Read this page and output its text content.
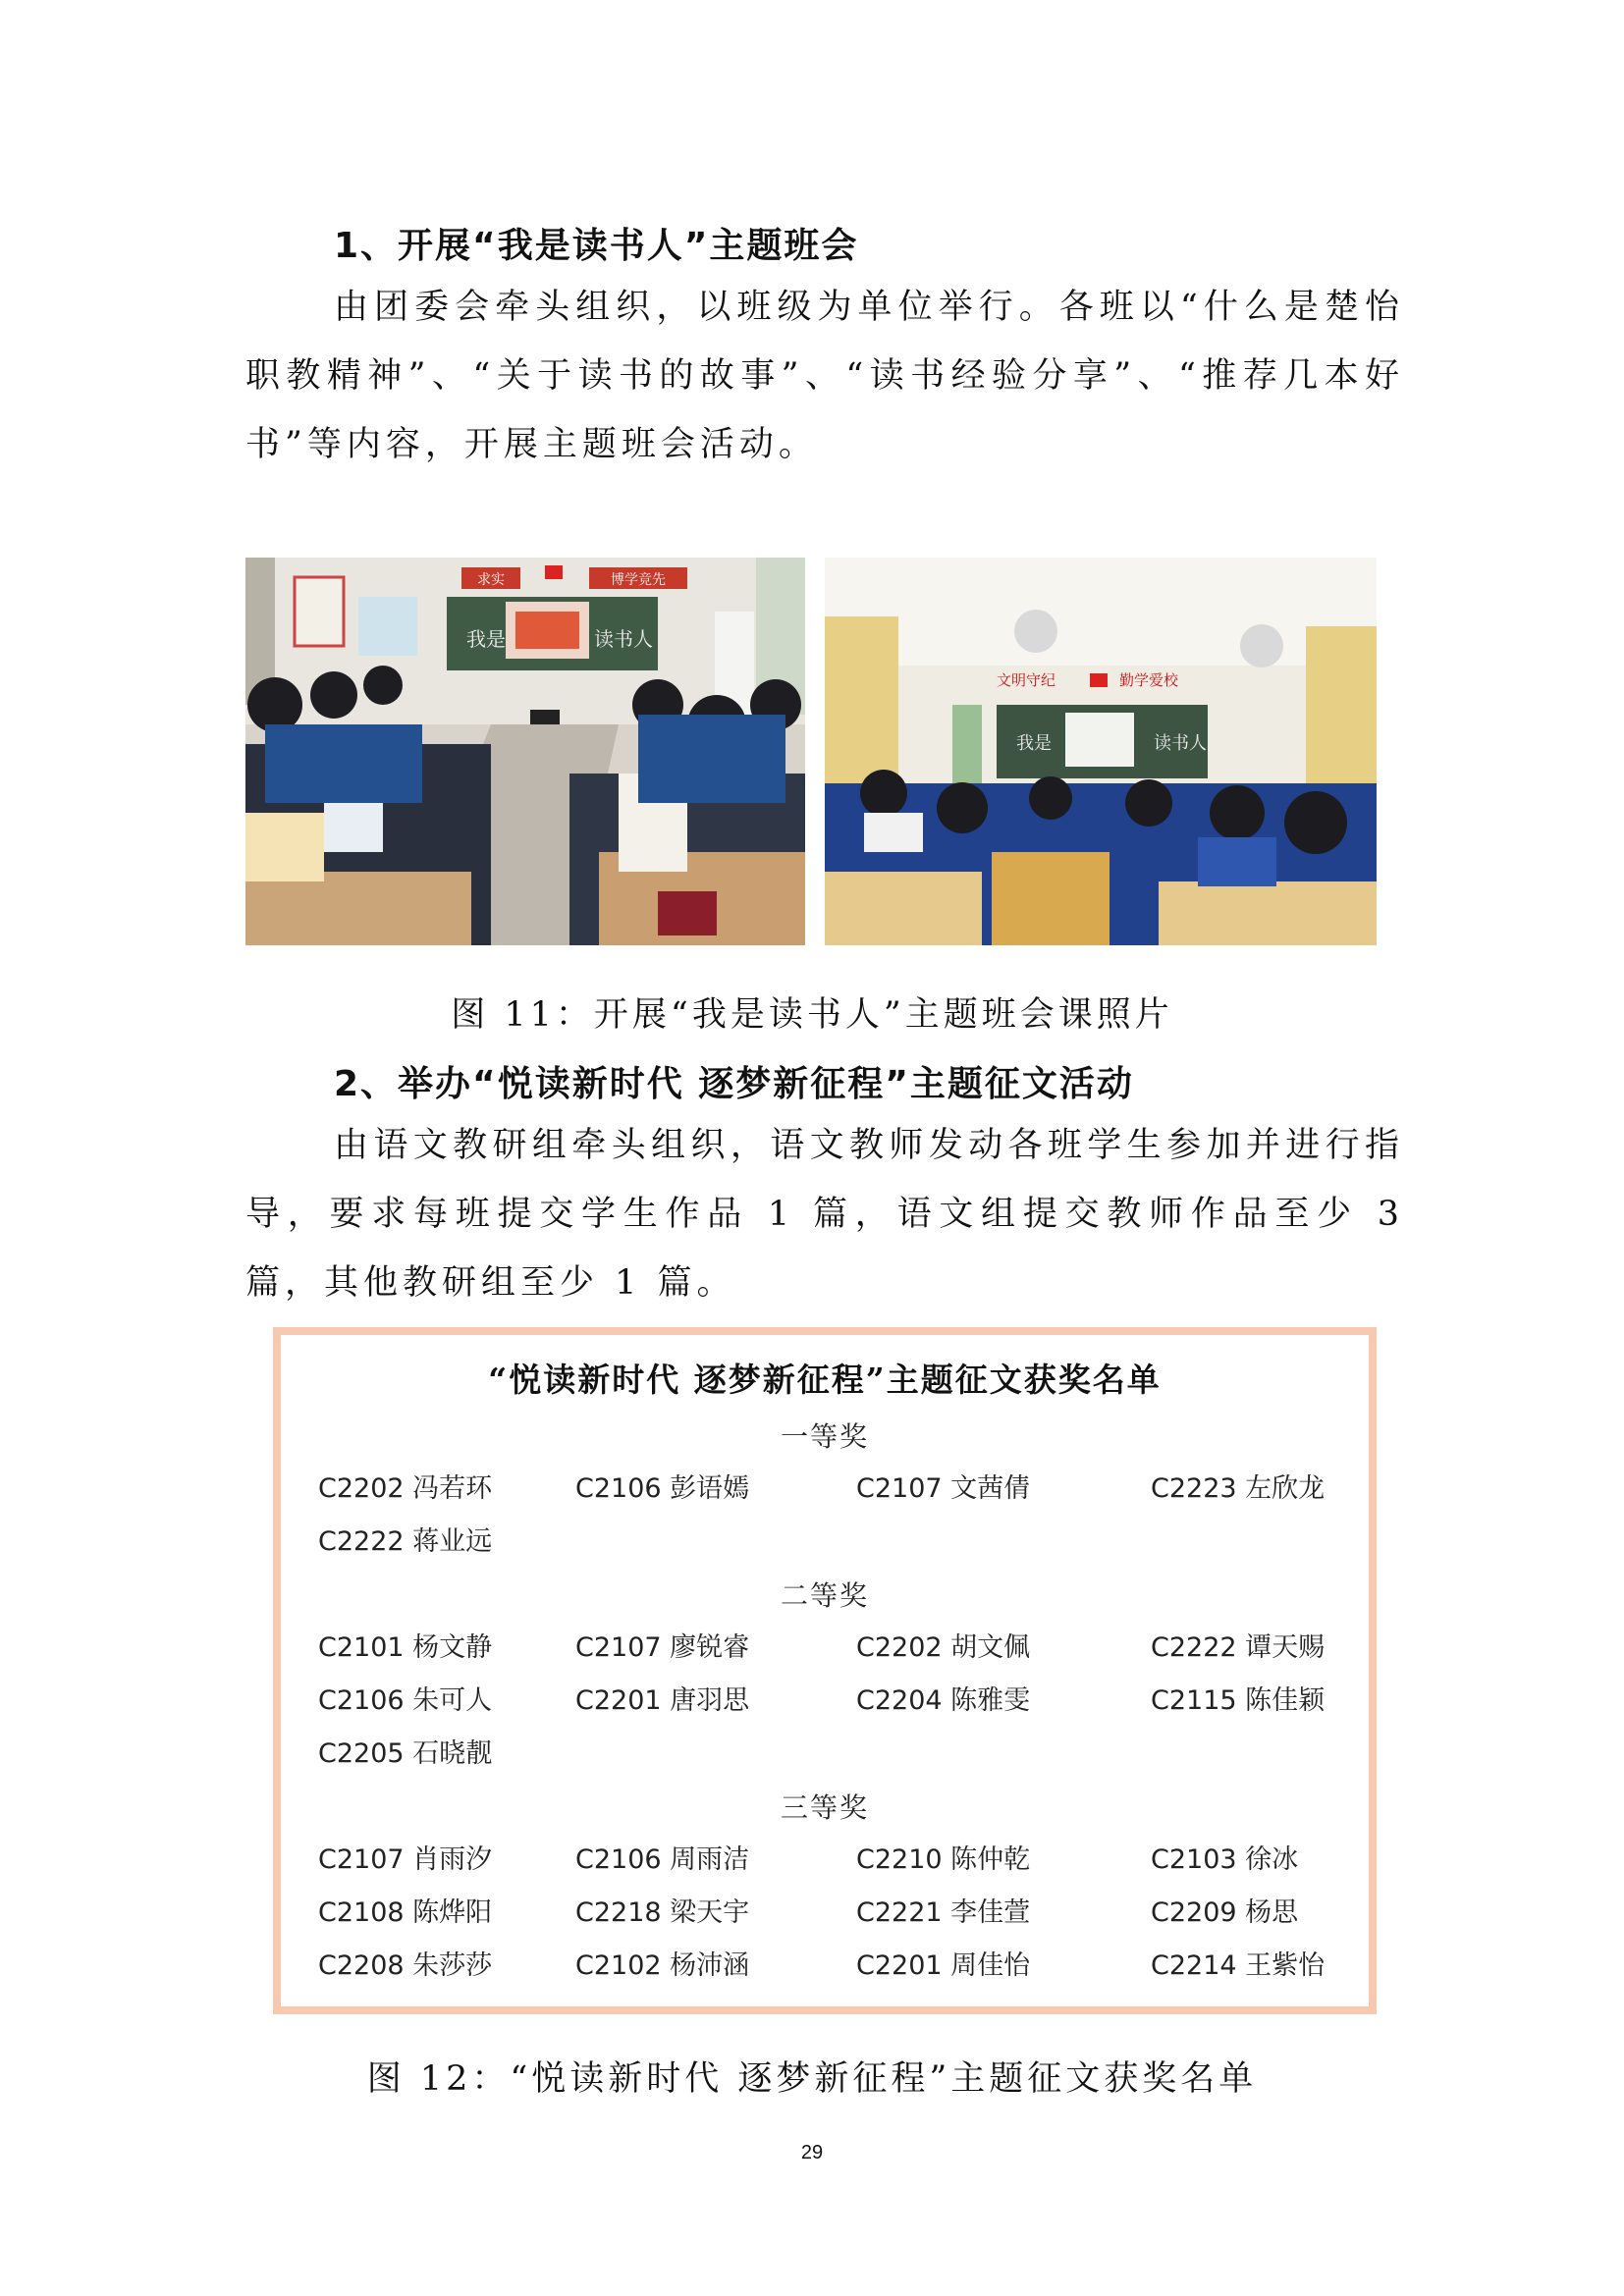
1、开展“我是读书人”主题班会

由团委会牵头组织，以班级为单位举行。各班以“什么是楚怡职教精神”、“关于读书的故事”、“读书经验分享”、“推荐几本好书”等内容，开展主题班会活动。

求实	博学竞先
我是	读书人
文明守纪	勤学爱校
我是	读书人
图 11：开展“我是读书人”主题班会课照片
2、举办“悦读新时代 逐梦新征程”主题征文活动

由语文教研组牵头组织，语文教师发动各班学生参加并进行指导，要求每班提交学生作品 1 篇，语文组提交教师作品至少 3 篇，其他教研组至少 1 篇。

“悦读新时代 逐梦新征程”主题征文获奖名单
一等奖
C2202 冯若环	C2106 彭语嫣	C2107 文茜倩	C2223 左欣龙
C2222 蒋业远
二等奖
C2101 杨文静	C2107 廖锐睿	C2202 胡文佩	C2222 谭天赐
C2106 朱可人	C2201 唐羽思	C2204 陈雅雯	C2115 陈佳颖
C2205 石晓靓
三等奖
C2107 肖雨汐	C2106 周雨洁	C2210 陈仲乾	C2103 徐冰
C2108 陈烨阳	C2218 梁天宇	C2221 李佳萱	C2209 杨思
C2208 朱莎莎	C2102 杨沛涵	C2201 周佳怡	C2214 王紫怡
图 12：“悦读新时代 逐梦新征程”主题征文获奖名单
29
